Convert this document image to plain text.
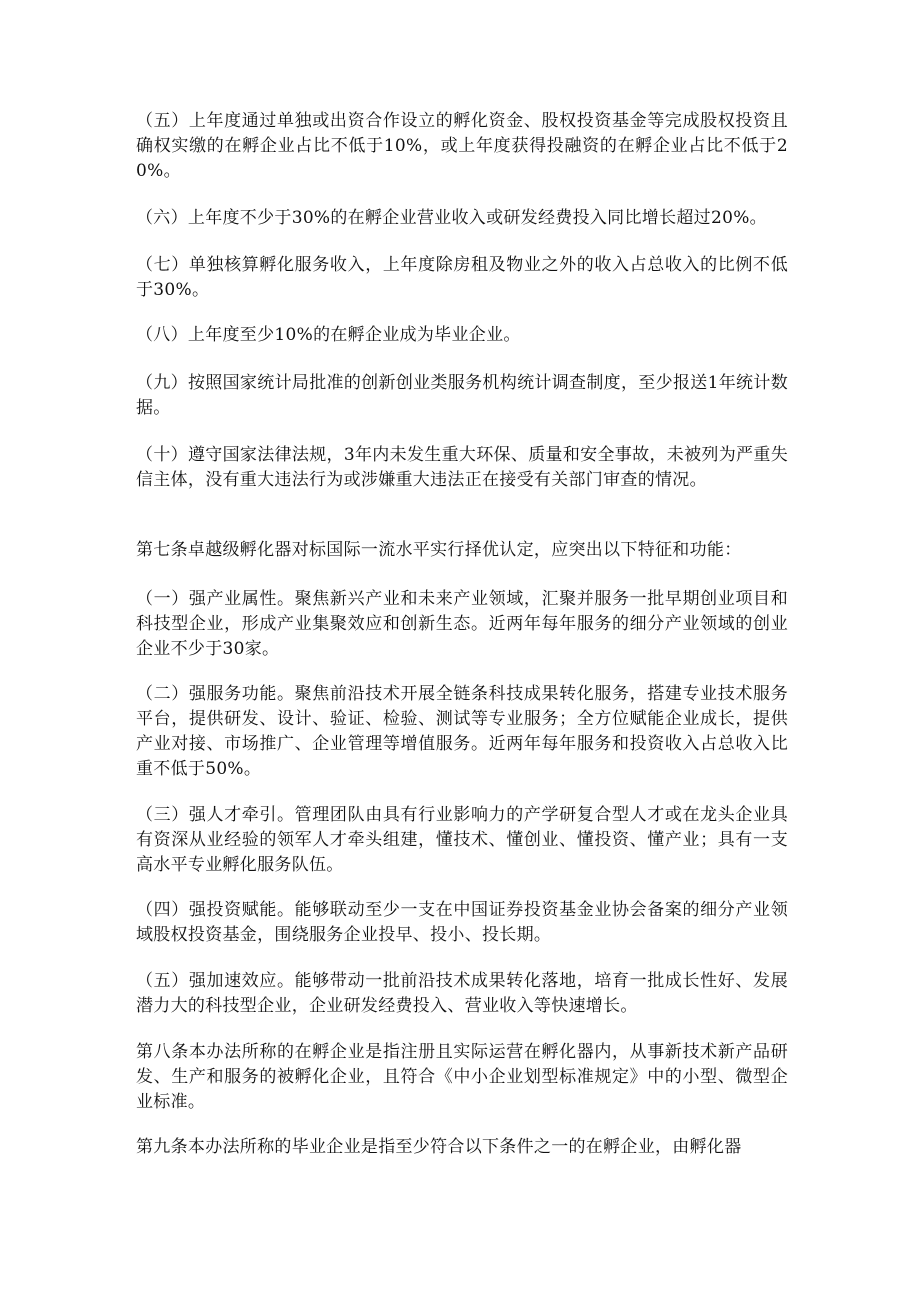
（五）上年度通过单独或出资合作设立的孵化资金、股权投资基金等完成股权投资且确权实缴的在孵企业占比不低于10%，或上年度获得投融资的在孵企业占比不低于20%。

（六）上年度不少于30%的在孵企业营业收入或研发经费投入同比增长超过20%。

（七）单独核算孵化服务收入，上年度除房租及物业之外的收入占总收入的比例不低于30%。

（八）上年度至少10%的在孵企业成为毕业企业。

（九）按照国家统计局批准的创新创业类服务机构统计调查制度，至少报送1年统计数据。

（十）遵守国家法律法规，3年内未发生重大环保、质量和安全事故，未被列为严重失信主体，没有重大违法行为或涉嫌重大违法正在接受有关部门审查的情况。

第七条卓越级孵化器对标国际一流水平实行择优认定，应突出以下特征和功能：

（一）强产业属性。聚焦新兴产业和未来产业领域，汇聚并服务一批早期创业项目和科技型企业，形成产业集聚效应和创新生态。近两年每年服务的细分产业领域的创业企业不少于30家。

（二）强服务功能。聚焦前沿技术开展全链条科技成果转化服务，搭建专业技术服务平台，提供研发、设计、验证、检验、测试等专业服务；全方位赋能企业成长，提供产业对接、市场推广、企业管理等增值服务。近两年每年服务和投资收入占总收入比重不低于50%。

（三）强人才牵引。管理团队由具有行业影响力的产学研复合型人才或在龙头企业具有资深从业经验的领军人才牵头组建，懂技术、懂创业、懂投资、懂产业；具有一支高水平专业孵化服务队伍。

（四）强投资赋能。能够联动至少一支在中国证券投资基金业协会备案的细分产业领域股权投资基金，围绕服务企业投早、投小、投长期。

（五）强加速效应。能够带动一批前沿技术成果转化落地，培育一批成长性好、发展潜力大的科技型企业，企业研发经费投入、营业收入等快速增长。

第八条本办法所称的在孵企业是指注册且实际运营在孵化器内，从事新技术新产品研发、生产和服务的被孵化企业，且符合《中小企业划型标准规定》中的小型、微型企业标准。

第九条本办法所称的毕业企业是指至少符合以下条件之一的在孵企业，由孵化器
